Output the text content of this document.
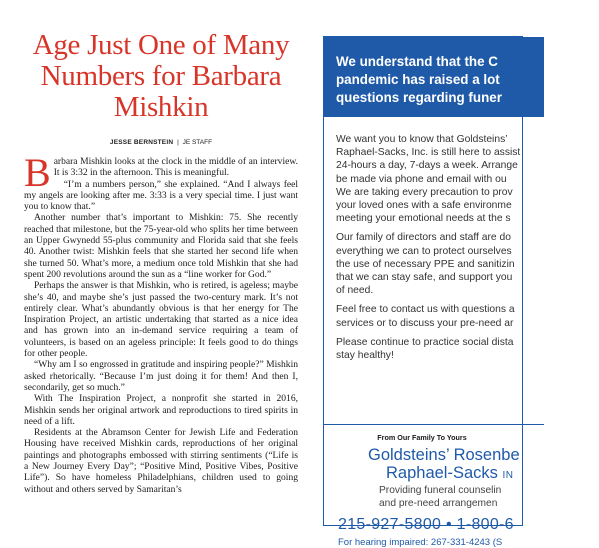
Age Just One of Many Numbers for Barbara Mishkin
JESSE BERNSTEIN | JE STAFF

Barbara Mishkin looks at the clock in the middle of an interview. It is 3:32 in the afternoon. This is meaningful.

“I’m a numbers person,” she explained. “And I always feel my angels are looking after me. 3:33 is a very special time. I just want you to know that.”

Another number that’s important to Mishkin: 75. She recently reached that milestone, but the 75-year-old who splits her time between an Upper Gwynedd 55-plus community and Florida said that she feels 40. Another twist: Mishkin feels that she started her second life when she turned 50. What’s more, a medium once told Mishkin that she had spent 200 revolutions around the sun as a “line worker for God.”

Perhaps the answer is that Mishkin, who is retired, is ageless; maybe she’s 40, and maybe she’s just passed the two-century mark. It’s not entirely clear. What’s abundantly obvious is that her energy for The Inspiration Project, an artistic undertaking that started as a nice idea and has grown into an in-demand service requiring a team of volunteers, is based on an ageless principle: It feels good to do things for other people.

“Why am I so engrossed in gratitude and inspiring people?” Mishkin asked rhetorically. “Because I’m just doing it for them! And then I, secondarily, get so much.”

With The Inspiration Project, a nonprofit she started in 2016, Mishkin sends her original artwork and reproductions to tired spirits in need of a lift.

Residents at the Abramson Center for Jewish Life and Federation Housing have received Mishkin cards, reproductions of her original paintings and photographs embossed with stirring sentiments (“Life is a New Journey Every Day”; “Positive Mind, Positive Vibes, Positive Life”). So have homeless Philadelphians, children used to going without and others served by Samaritan’s

We understand that the C
pandemic has raised a lot
questions regarding funer

We want you to know that Goldsteins’
Raphael-Sacks, Inc. is still here to assist
24-hours a day, 7-days a week. Arrange
be made via phone and email with ou
We are taking every precaution to prov
your loved ones with a safe environme
meeting your emotional needs at the s

Our family of directors and staff are do
everything we can to protect ourselves
the use of necessary PPE and sanitizin
that we can stay safe, and support you
of need.

Feel free to contact us with questions a
services or to discuss your pre-need ar

Please continue to practice social dista
stay healthy!

From Our Family To Yours
Goldsteins’ Rosenbe
Raphael-Sacks IN
Providing funeral counselin
and pre-need arrangemen
215-927-5800 • 1-800-6
For hearing impaired: 267-331-4243 (S
